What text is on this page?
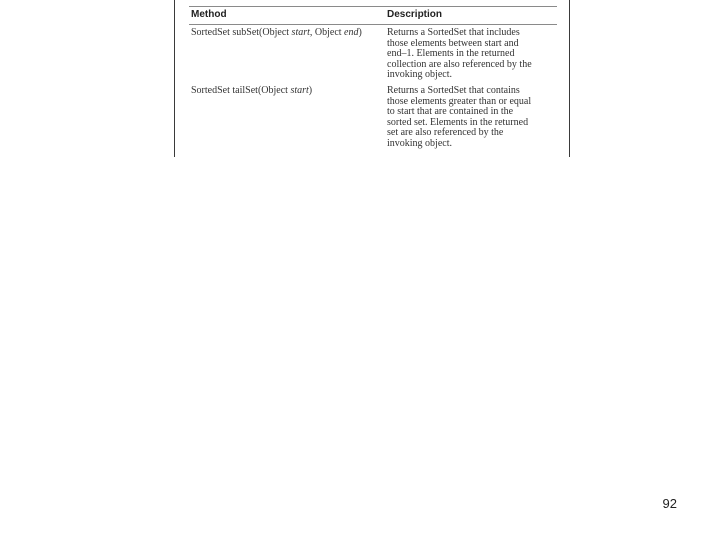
Method	Description
SortedSet subSet(Object start, Object end)	Returns a SortedSet that includes
those elements between start and
end–1. Elements in the returned
collection are also referenced by the
invoking object.
SortedSet tailSet(Object start)	Returns a SortedSet that contains
those elements greater than or equal
to start that are contained in the
sorted set. Elements in the returned
set are also referenced by the
invoking object.
92
